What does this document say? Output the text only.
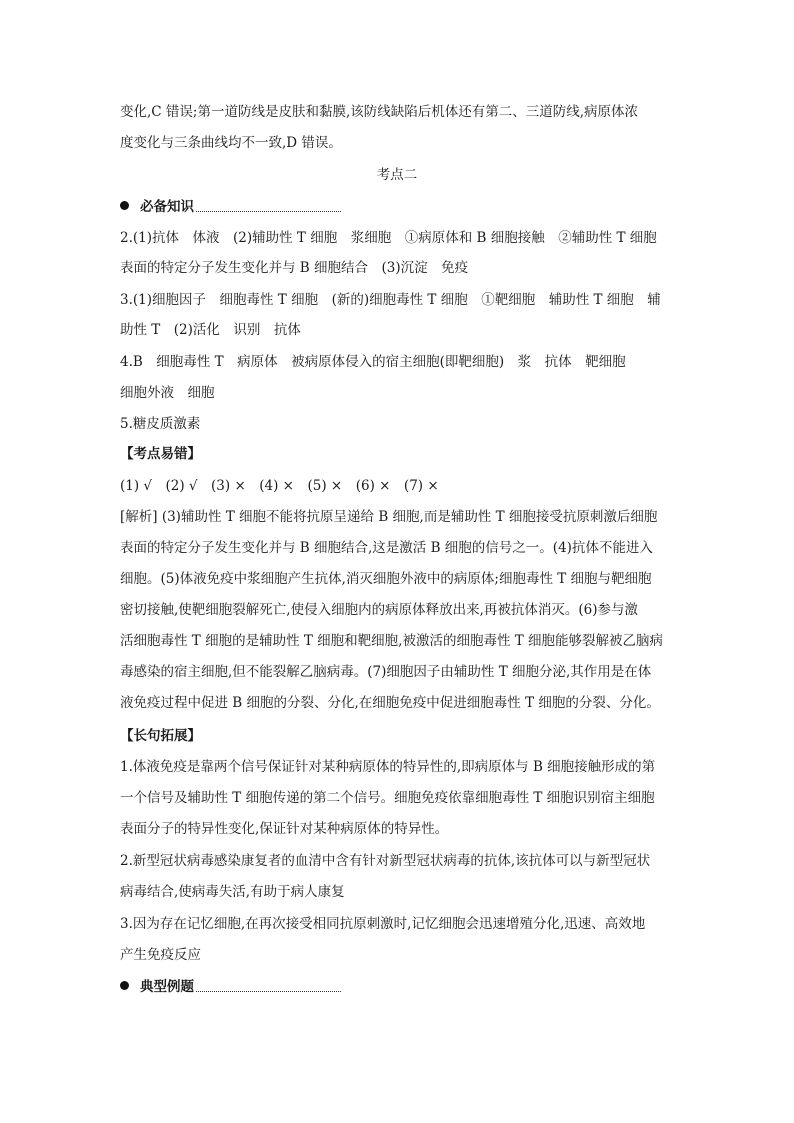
变化,C 错误;第一道防线是皮肤和黏膜,该防线缺陷后机体还有第二、三道防线,病原体浓
度变化与三条曲线均不一致,D 错误。
考点二
必备知识
2.(1)抗体　体液　(2)辅助性 T 细胞　浆细胞　①病原体和 B 细胞接触　②辅助性 T 细胞
表面的特定分子发生变化并与 B 细胞结合　(3)沉淀　免疫
3.(1)细胞因子　细胞毒性 T 细胞　(新的)细胞毒性 T 细胞　①靶细胞　辅助性 T 细胞　辅
助性 T　(2)活化　识别　抗体
4.B　细胞毒性 T　病原体　被病原体侵入的宿主细胞(即靶细胞)　浆　抗体　靶细胞
细胞外液　细胞
5.糖皮质激素
【考点易错】
(1) √　(2) √　(3) ×　(4) ×　(5) ×　(6) ×　(7) ×
[解析] (3)辅助性 T 细胞不能将抗原呈递给 B 细胞,而是辅助性 T 细胞接受抗原刺激后细胞
表面的特定分子发生变化并与 B 细胞结合,这是激活 B 细胞的信号之一。(4)抗体不能进入
细胞。(5)体液免疫中浆细胞产生抗体,消灭细胞外液中的病原体;细胞毒性 T 细胞与靶细胞
密切接触,使靶细胞裂解死亡,使侵入细胞内的病原体释放出来,再被抗体消灭。(6)参与激
活细胞毒性 T 细胞的是辅助性 T 细胞和靶细胞,被激活的细胞毒性 T 细胞能够裂解被乙脑病
毒感染的宿主细胞,但不能裂解乙脑病毒。(7)细胞因子由辅助性 T 细胞分泌,其作用是在体
液免疫过程中促进 B 细胞的分裂、分化,在细胞免疫中促进细胞毒性 T 细胞的分裂、分化。
【长句拓展】
1.体液免疫是靠两个信号保证针对某种病原体的特异性的,即病原体与 B 细胞接触形成的第
一个信号及辅助性 T 细胞传递的第二个信号。细胞免疫依靠细胞毒性 T 细胞识别宿主细胞
表面分子的特异性变化,保证针对某种病原体的特异性。
2.新型冠状病毒感染康复者的血清中含有针对新型冠状病毒的抗体,该抗体可以与新型冠状
病毒结合,使病毒失活,有助于病人康复
3.因为存在记忆细胞,在再次接受相同抗原刺激时,记忆细胞会迅速增殖分化,迅速、高效地
产生免疫反应
典型例题
